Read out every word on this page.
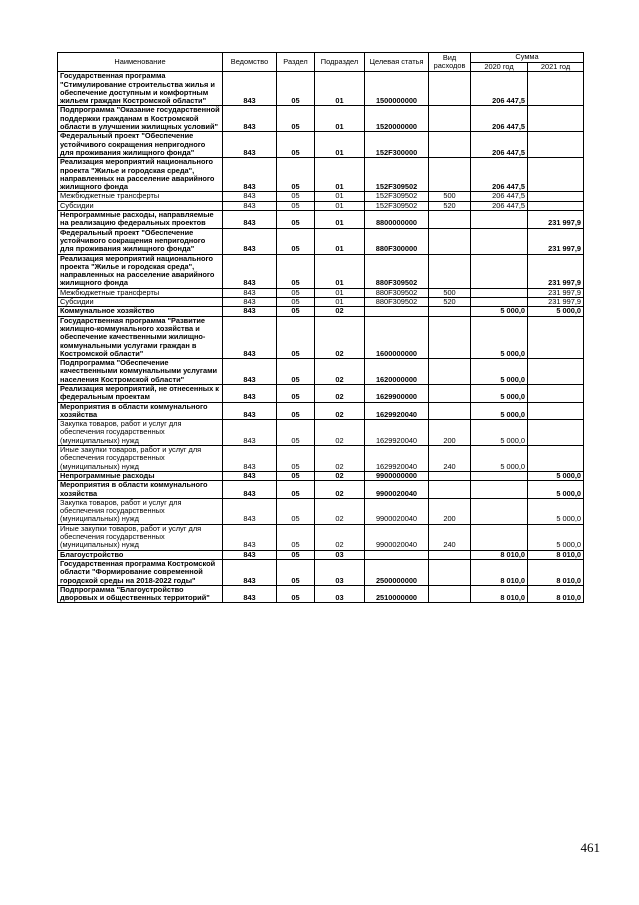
Наименование	Ведомство	Раздел	Подраздел	Целевая статья	Вид расходов	Сумма	
						2020 год	2021 год
Государственная программа "Стимулирование строительства жилья и обеспечение доступным и комфортным жильем граждан Костромской области"	843	05	01	1500000000		206 447,5	
Подпрограмма "Оказание государственной поддержки гражданам в Костромской области в улучшении жилищных условий"	843	05	01	1520000000		206 447,5	
Федеральный проект "Обеспечение устойчивого сокращения непригодного для проживания жилищного фонда"	843	05	01	152F300000		206 447,5	
Реализация мероприятий национального проекта "Жилье и городская среда", направленных на расселение аварийного жилищного фонда	843	05	01	152F309502		206 447,5	
Межбюджетные трансферты	843	05	01	152F309502	500	206 447,5	
Субсидии	843	05	01	152F309502	520	206 447,5	
Непрограммные расходы, направляемые на реализацию федеральных проектов	843	05	01	8800000000			231 997,9
Федеральный проект "Обеспечение устойчивого сокращения непригодного для проживания жилищного фонда"	843	05	01	880F300000			231 997,9
Реализация мероприятий национального проекта "Жилье и городская среда", направленных на расселение аварийного жилищного фонда	843	05	01	880F309502			231 997,9
Межбюджетные трансферты	843	05	01	880F309502	500		231 997,9
Субсидии	843	05	01	880F309502	520		231 997,9
Коммунальное хозяйство	843	05	02			5 000,0	5 000,0
Государственная программа "Развитие жилищно-коммунального хозяйства и обеспечение качественными жилищно-коммунальными услугами граждан в Костромской области"	843	05	02	1600000000		5 000,0	
Подпрограмма "Обеспечение качественными коммунальными услугами населения Костромской области"	843	05	02	1620000000		5 000,0	
Реализация мероприятий, не отнесенных к федеральным проектам	843	05	02	1629900000		5 000,0	
Мероприятия в области коммунального хозяйства	843	05	02	1629920040		5 000,0	
Закупка товаров, работ и услуг для обеспечения государственных (муниципальных) нужд	843	05	02	1629920040	200	5 000,0	
Иные закупки товаров, работ и услуг для обеспечения государственных (муниципальных) нужд	843	05	02	1629920040	240	5 000,0	
Непрограммные расходы	843	05	02	9900000000			5 000,0
Мероприятия в области коммунального хозяйства	843	05	02	9900020040			5 000,0
Закупка товаров, работ и услуг для обеспечения государственных (муниципальных) нужд	843	05	02	9900020040	200		5 000,0
Иные закупки товаров, работ и услуг для обеспечения государственных (муниципальных) нужд	843	05	02	9900020040	240		5 000,0
Благоустройство	843	05	03			8 010,0	8 010,0
Государственная программа Костромской области "Формирование современной городской среды на 2018-2022 годы"	843	05	03	2500000000		8 010,0	8 010,0
Подпрограмма "Благоустройство дворовых и общественных территорий"	843	05	03	2510000000		8 010,0	8 010,0
461
